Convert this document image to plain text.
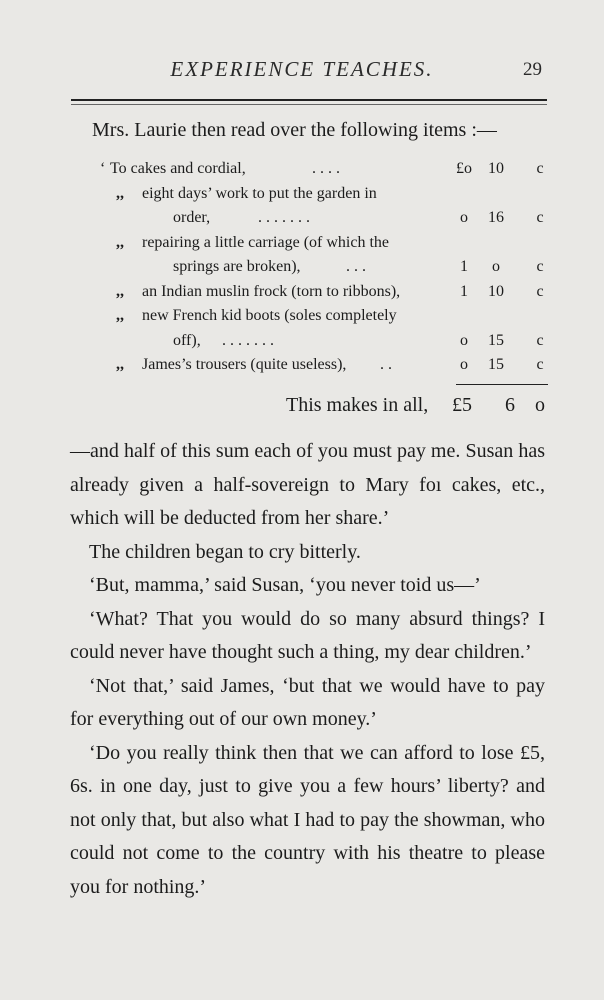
EXPERIENCE TEACHES.	29
Mrs. Laurie then read over the following items :—
‘ To cakes and cordial,	. . . .	£o	10	c
,, eight days’ work to put the garden in
order,	. . . . . . .	o	16	c
,, repairing a little carriage (of which the
springs are broken),	. . .	1	o	c
,, an Indian muslin frock (torn to ribbons),	1	10	c
,, new French kid boots (soles completely
off), . . . . . . .	o	15	c
,, James’s trousers (quite useless), . .	o	15	c
This makes in all, £5 6 o

—and half of this sum each of you must pay me. Susan has already given a half-sovereign to Mary foı cakes, etc., which will be deducted from her share.’

The children began to cry bitterly.

‘But, mamma,’ said Susan, ‘you never toid us—’

‘What? That you would do so many absurd things? I could never have thought such a thing, my dear children.’

‘Not that,’ said James, ‘but that we would have to pay for everything out of our own money.’

‘Do you really think then that we can afford to lose £5, 6s. in one day, just to give you a few hours’ liberty? and not only that, but also what I had to pay the showman, who could not come to the country with his theatre to please you for nothing.’
